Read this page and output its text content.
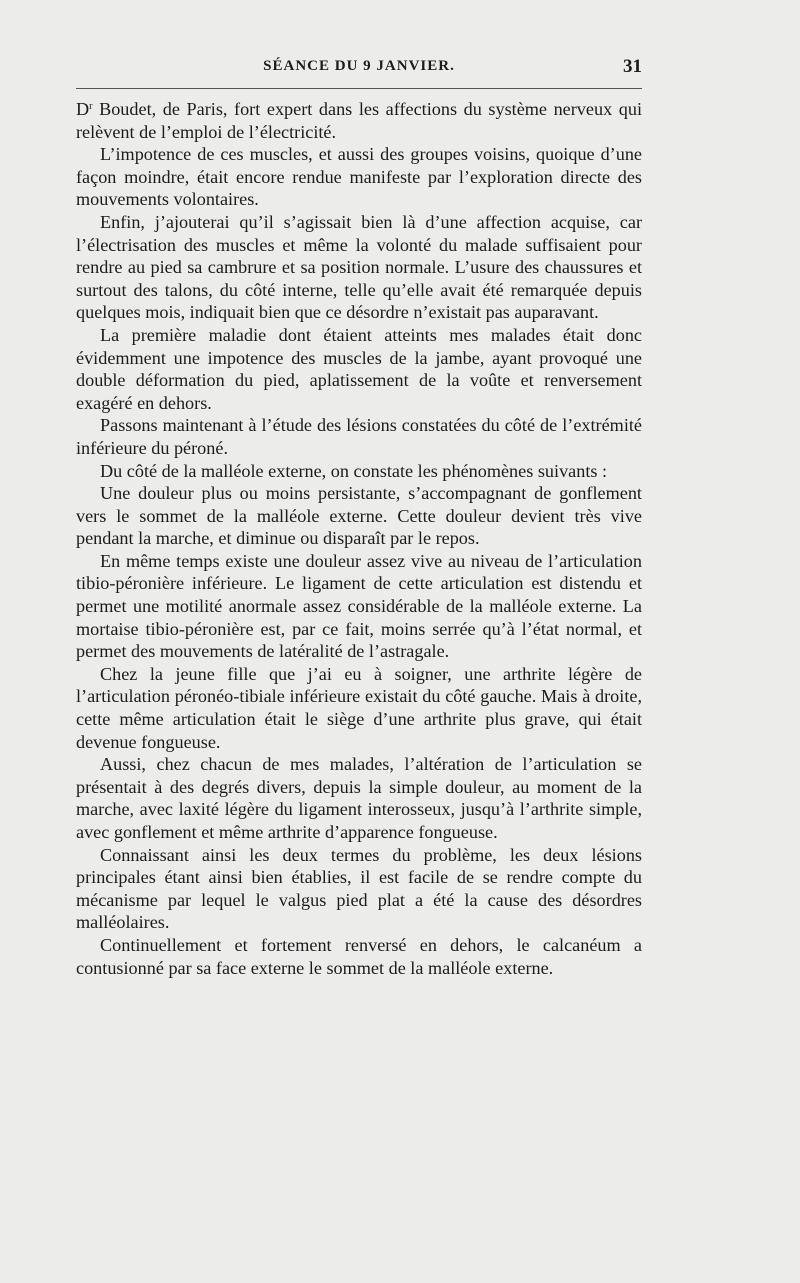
SÉANCE DU 9 JANVIER.	31

$D^r$ Boudet, de Paris, fort expert dans les affections du système nerveux qui relèvent de l’emploi de l’électricité.

L’impotence de ces muscles, et aussi des groupes voisins, quoique d’une façon moindre, était encore rendue manifeste par l’exploration directe des mouvements volontaires.

Enfin, j’ajouterai qu’il s’agissait bien là d’une affection acquise, car l’électrisation des muscles et même la volonté du malade suffisaient pour rendre au pied sa cambrure et sa position normale. L’usure des chaussures et surtout des talons, du côté interne, telle qu’elle avait été remarquée depuis quelques mois, indiquait bien que ce désordre n’existait pas auparavant.

La première maladie dont étaient atteints mes malades était donc évidemment une impotence des muscles de la jambe, ayant provoqué une double déformation du pied, aplatissement de la voûte et renversement exagéré en dehors.

Passons maintenant à l’étude des lésions constatées du côté de l’extrémité inférieure du péroné.

Du côté de la malléole externe, on constate les phénomènes suivants :

Une douleur plus ou moins persistante, s’accompagnant de gonflement vers le sommet de la malléole externe. Cette douleur devient très vive pendant la marche, et diminue ou disparaît par le repos.

En même temps existe une douleur assez vive au niveau de l’articulation tibio-péronière inférieure. Le ligament de cette articulation est distendu et permet une motilité anormale assez considérable de la malléole externe. La mortaise tibio-péronière est, par ce fait, moins serrée qu’à l’état normal, et permet des mouvements de latéralité de l’astragale.

Chez la jeune fille que j’ai eu à soigner, une arthrite légère de l’articulation péronéo-tibiale inférieure existait du côté gauche. Mais à droite, cette même articulation était le siège d’une arthrite plus grave, qui était devenue fongueuse.

Aussi, chez chacun de mes malades, l’altération de l’articulation se présentait à des degrés divers, depuis la simple douleur, au moment de la marche, avec laxité légère du ligament interosseux, jusqu’à l’arthrite simple, avec gonflement et même arthrite d’apparence fongueuse.

Connaissant ainsi les deux termes du problème, les deux lésions principales étant ainsi bien établies, il est facile de se rendre compte du mécanisme par lequel le valgus pied plat a été la cause des désordres malléolaires.

Continuellement et fortement renversé en dehors, le calcanéum a contusionné par sa face externe le sommet de la malléole externe.
